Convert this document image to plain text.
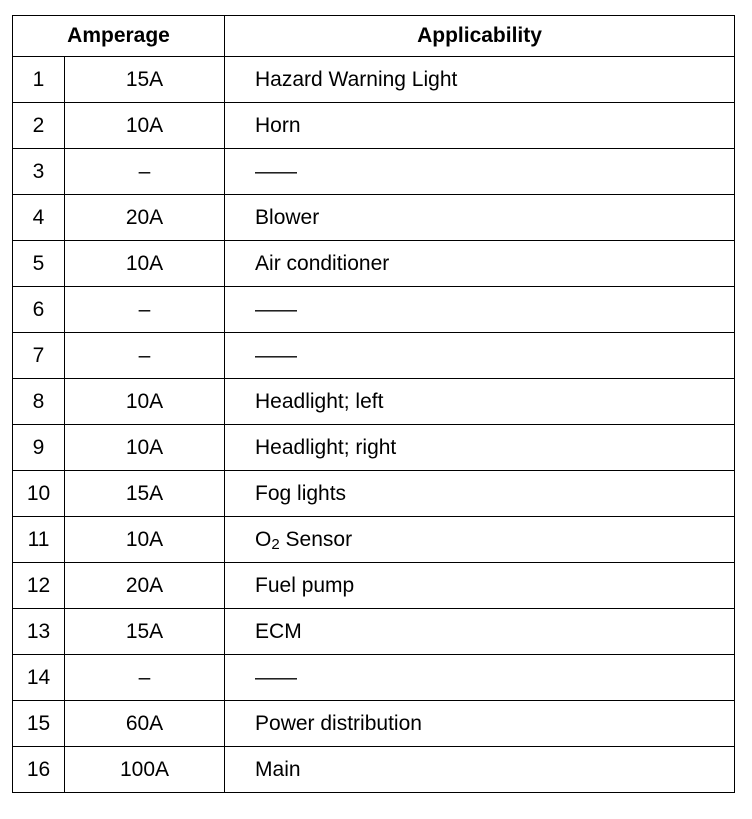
Amperage		Applicability
1	15A	Hazard Warning Light
2	10A	Horn
3	–	——
4	20A	Blower
5	10A	Air conditioner
6	–	——
7	–	——
8	10A	Headlight; left
9	10A	Headlight; right
10	15A	Fog lights
11	10A	$O_2$ Sensor
12	20A	Fuel pump
13	15A	ECM
14	–	——
15	60A	Power distribution
16	100A	Main
